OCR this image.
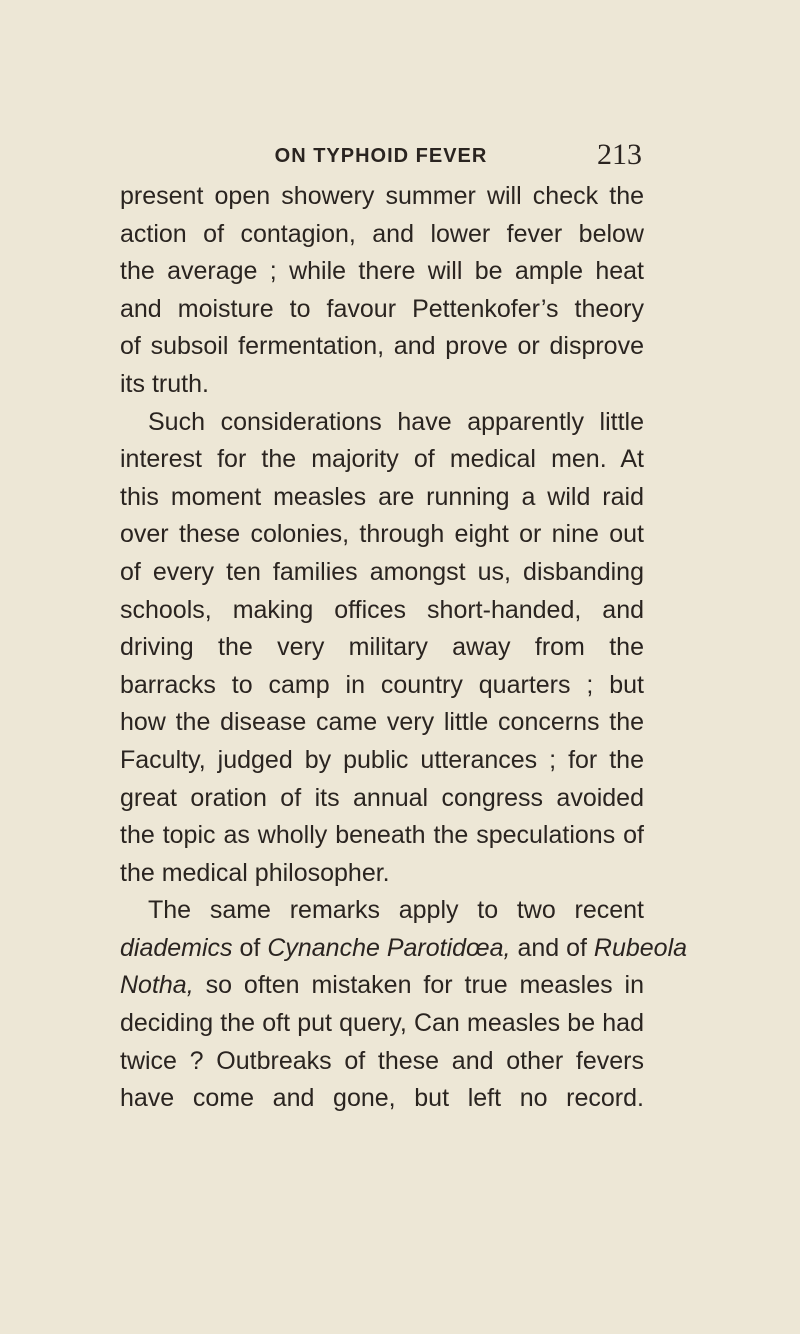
ON TYPHOID FEVER	213
present open showery summer will check the
action of contagion, and lower fever below
the average ; while there will be ample heat
and moisture to favour Pettenkofer’s theory
of subsoil fermentation, and prove or disprove
its truth.
Such considerations have apparently little
interest for the majority of medical men. At
this moment measles are running a wild raid
over these colonies, through eight or nine out
of every ten families amongst us, disbanding
schools, making offices short-handed, and
driving the very military away from the
barracks to camp in country quarters ; but
how the disease came very little concerns the
Faculty, judged by public utterances ; for the
great oration of its annual congress avoided
the topic as wholly beneath the speculations of
the medical philosopher.
The same remarks apply to two recent
diademics of Cynanche Parotidœa, and of Rubeola
Notha, so often mistaken for true measles in
deciding the oft put query, Can measles be had
twice ? Outbreaks of these and other fevers
have come and gone, but left no record.
